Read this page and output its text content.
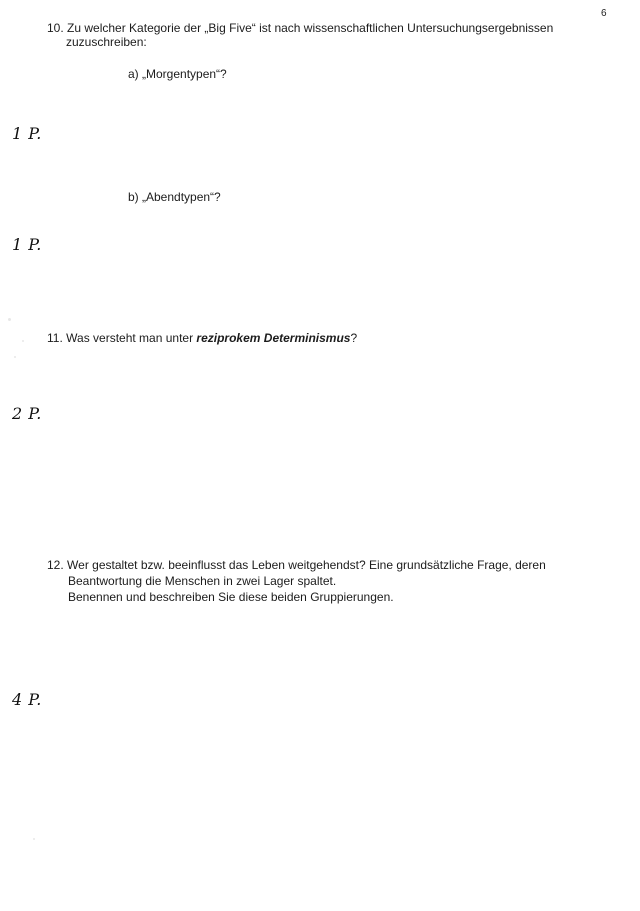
6
10. Zu welcher Kategorie der „Big Five“ ist nach wissenschaftlichen Untersuchungsergebnissen
zuzuschreiben:
a) „Morgentypen“?
1 P.
b) „Abendtypen“?
1 P.
11. Was versteht man unter reziprokem Determinismus?
2 P.
12. Wer gestaltet bzw. beeinflusst das Leben weitgehendst? Eine grundsätzliche Frage, deren
Beantwortung die Menschen in zwei Lager spaltet.
Benennen und beschreiben Sie diese beiden Gruppierungen.
4 P.
